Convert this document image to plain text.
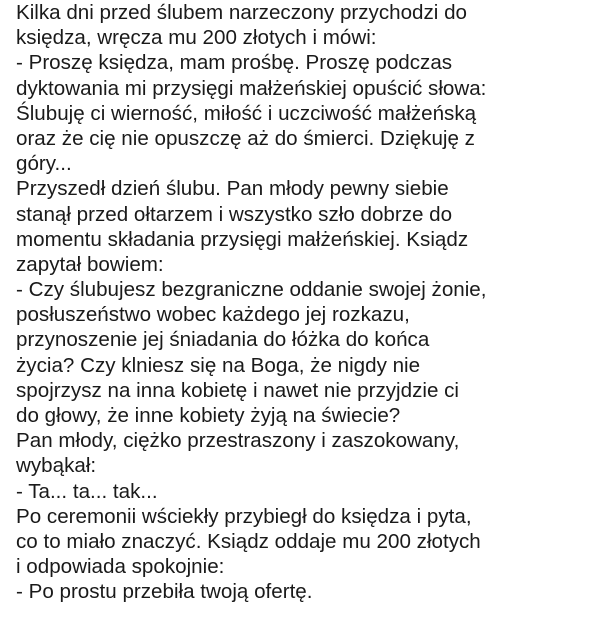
Kilka dni przed ślubem narzeczony przychodzi do
księdza, wręcza mu 200 złotych i mówi:
- Proszę księdza, mam prośbę. Proszę podczas
dyktowania mi przysięgi małżeńskiej opuścić słowa:
Ślubuję ci wierność, miłość i uczciwość małżeńską
oraz że cię nie opuszczę aż do śmierci. Dziękuję z
góry...
Przyszedł dzień ślubu. Pan młody pewny siebie
stanął przed ołtarzem i wszystko szło dobrze do
momentu składania przysięgi małżeńskiej. Ksiądz
zapytał bowiem:
- Czy ślubujesz bezgraniczne oddanie swojej żonie,
posłuszeństwo wobec każdego jej rozkazu,
przynoszenie jej śniadania do łóżka do końca
życia? Czy klniesz się na Boga, że nigdy nie
spojrzysz na inna kobietę i nawet nie przyjdzie ci
do głowy, że inne kobiety żyją na świecie?
Pan młody, ciężko przestraszony i zaszokowany,
wybąkał:
- Ta... ta... tak...
Po ceremonii wściekły przybiegł do księdza i pyta,
co to miało znaczyć. Ksiądz oddaje mu 200 złotych
i odpowiada spokojnie:
- Po prostu przebiła twoją ofertę.
